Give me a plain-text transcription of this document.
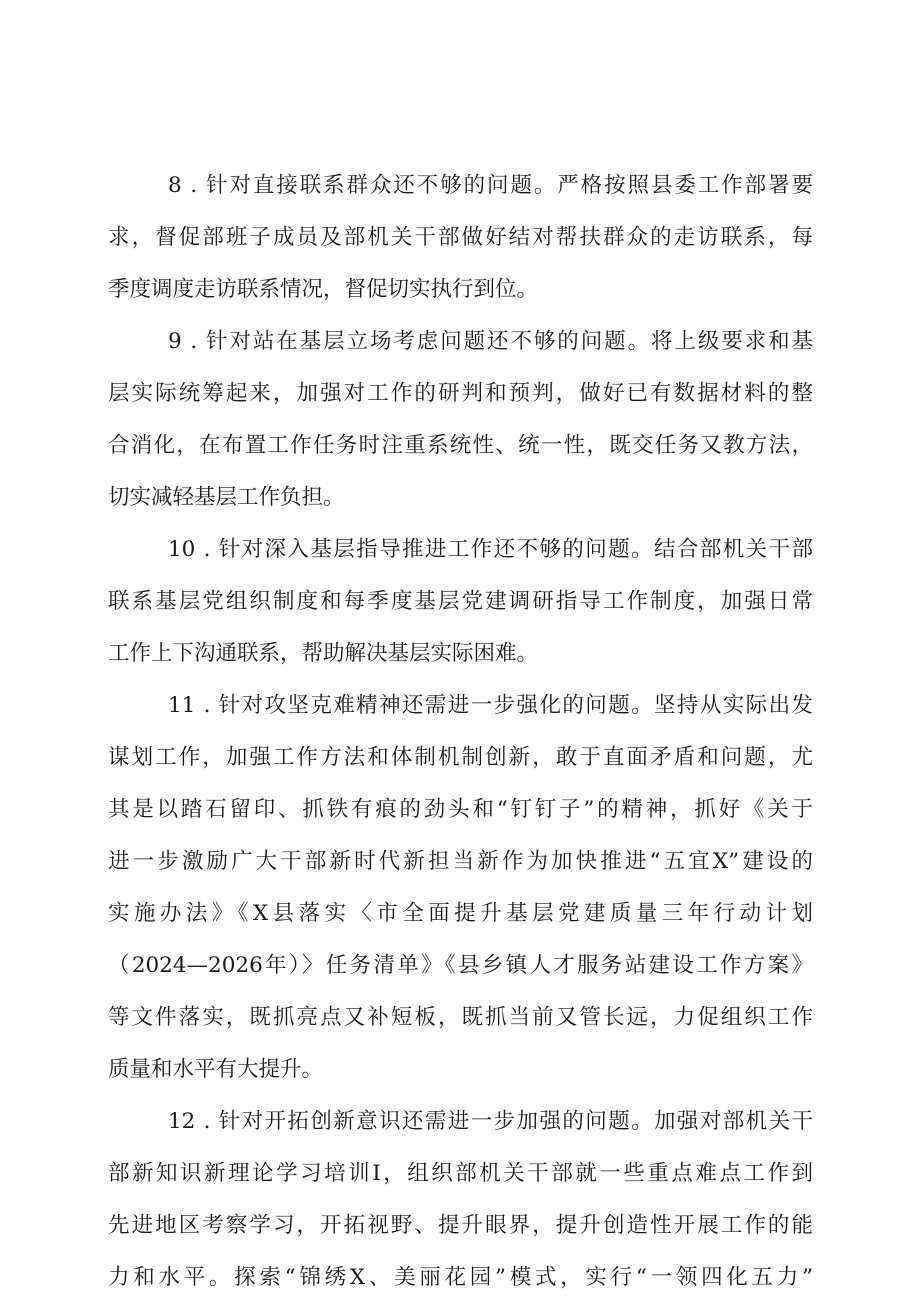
8 . 针对直接联系群众还不够的问题。严格按照县委工作部署要
求，督促部班子成员及部机关干部做好结对帮扶群众的走访联系，每
季度调度走访联系情况，督促切实执行到位。
9 . 针对站在基层立场考虑问题还不够的问题。将上级要求和基
层实际统筹起来，加强对工作的研判和预判，做好已有数据材料的整
合消化，在布置工作任务时注重系统性、统一性，既交任务又教方法，
切实减轻基层工作负担。
10 . 针对深入基层指导推进工作还不够的问题。结合部机关干部
联系基层党组织制度和每季度基层党建调研指导工作制度，加强日常
工作上下沟通联系，帮助解决基层实际困难。
11 . 针对攻坚克难精神还需进一步强化的问题。坚持从实际出发
谋划工作，加强工作方法和体制机制创新，敢于直面矛盾和问题，尤
其是以踏石留印、抓铁有痕的劲头和“钉钉子”的精神，抓好《关于
进一步激励广大干部新时代新担当新作为加快推进“五宜X”建设的
实施办法》《X县落实〈市全面提升基层党建质量三年行动计划
（2024—2026年）〉任务清单》《县乡镇人才服务站建设工作方案》
等文件落实，既抓亮点又补短板，既抓当前又管长远，力促组织工作
质量和水平有大提升。
12 . 针对开拓创新意识还需进一步加强的问题。加强对部机关干
部新知识新理论学习培训I，组织部机关干部就一些重点难点工作到
先进地区考察学习，开拓视野、提升眼界，提升创造性开展工作的能
力和水平。探索“锦绣X、美丽花园”模式，实行“一领四化五力”
